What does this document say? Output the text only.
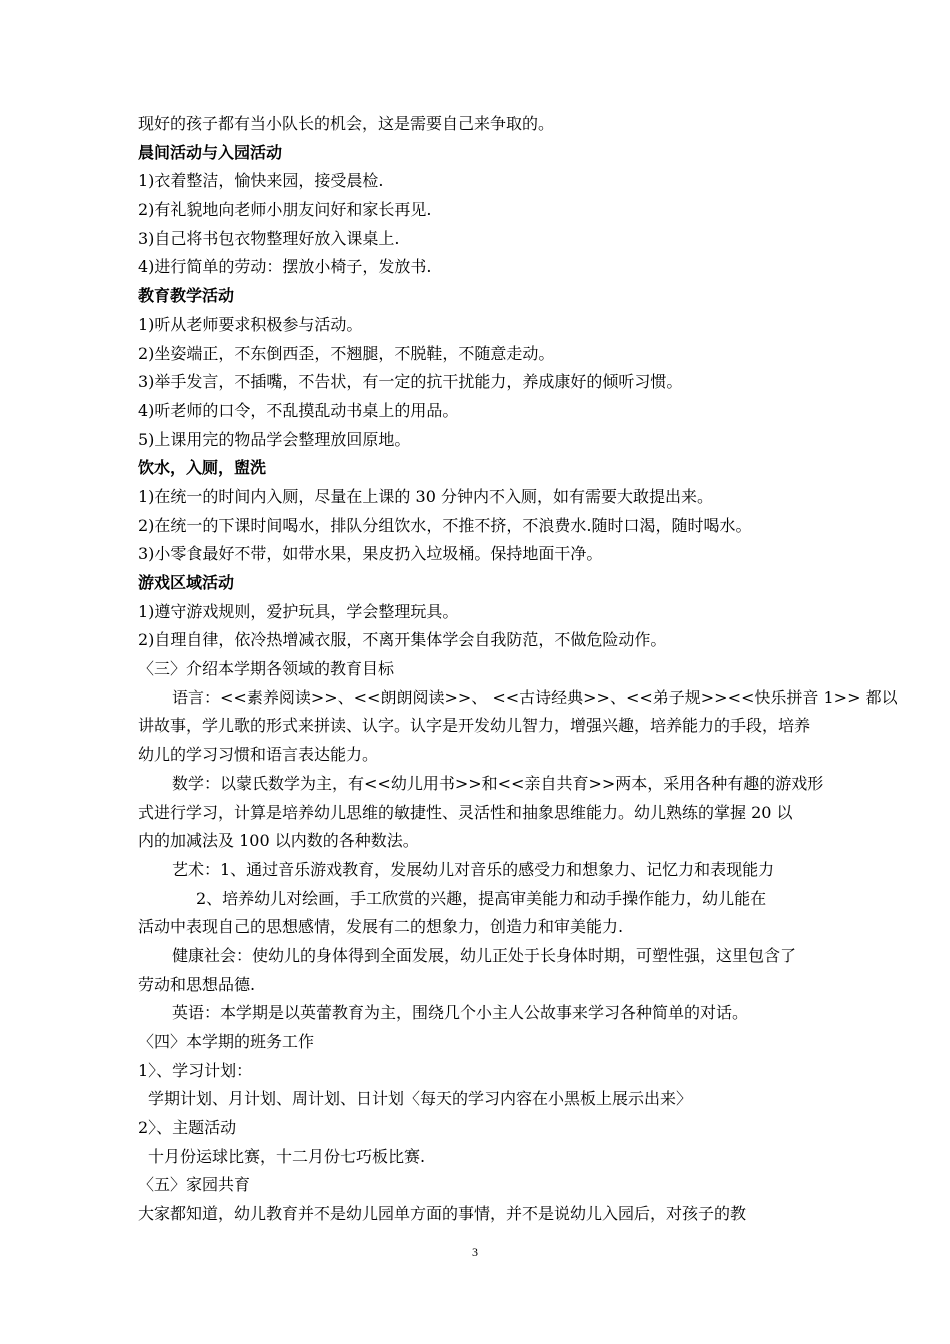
现好的孩子都有当小队长的机会，这是需要自己来争取的。

晨间活动与入园活动

1)衣着整洁，愉快来园，接受晨检.

2)有礼貌地向老师小朋友问好和家长再见.

3)自己将书包衣物整理好放入课桌上.

4)进行简单的劳动：摆放小椅子，发放书.

教育教学活动

1)听从老师要求积极参与活动。

2)坐姿端正，不东倒西歪，不翘腿，不脱鞋，不随意走动。

3)举手发言，不插嘴，不告状，有一定的抗干扰能力，养成康好的倾听习惯。

4)听老师的口令，不乱摸乱动书桌上的用品。

5)上课用完的物品学会整理放回原地。

饮水，入厕，盥洗

1)在统一的时间内入厕，尽量在上课的 30 分钟内不入厕，如有需要大敢提出来。

2)在统一的下课时间喝水，排队分组饮水，不推不挤，不浪费水.随时口渴，随时喝水。

3)小零食最好不带，如带水果，果皮扔入垃圾桶。保持地面干净。

游戏区域活动

1)遵守游戏规则，爱护玩具，学会整理玩具。

2)自理自律，依冷热增减衣服，不离开集体学会自我防范，不做危险动作。

〈三〉介绍本学期各领域的教育目标

语言：<<素养阅读>>、<<朗朗阅读>>、 <<古诗经典>>、<<弟子规>><<快乐拼音 1>> 都以

讲故事，学儿歌的形式来拼读、认字。认字是开发幼儿智力，增强兴趣，培养能力的手段，培养

幼儿的学习习惯和语言表达能力。

数学：以蒙氏数学为主，有<<幼儿用书>>和<<亲自共育>>两本，采用各种有趣的游戏形

式进行学习，计算是培养幼儿思维的敏捷性、灵活性和抽象思维能力。幼儿熟练的掌握 20 以

内的加减法及 100 以内数的各种数法。

艺术：1、通过音乐游戏教育，发展幼儿对音乐的感受力和想象力、记忆力和表现能力

2、培养幼儿对绘画，手工欣赏的兴趣，提高审美能力和动手操作能力，幼儿能在

活动中表现自己的思想感情，发展有二的想象力，创造力和审美能力.

健康社会：使幼儿的身体得到全面发展，幼儿正处于长身体时期，可塑性强，这里包含了

劳动和思想品德.

英语：本学期是以英蕾教育为主，围绕几个小主人公故事来学习各种简单的对话。

〈四〉本学期的班务工作

1〉、学习计划：

学期计划、月计划、周计划、日计划〈每天的学习内容在小黑板上展示出来〉

2〉、主题活动

十月份运球比赛，十二月份七巧板比赛.

〈五〉家园共育

大家都知道，幼儿教育并不是幼儿园单方面的事情，并不是说幼儿入园后，对孩子的教

3
